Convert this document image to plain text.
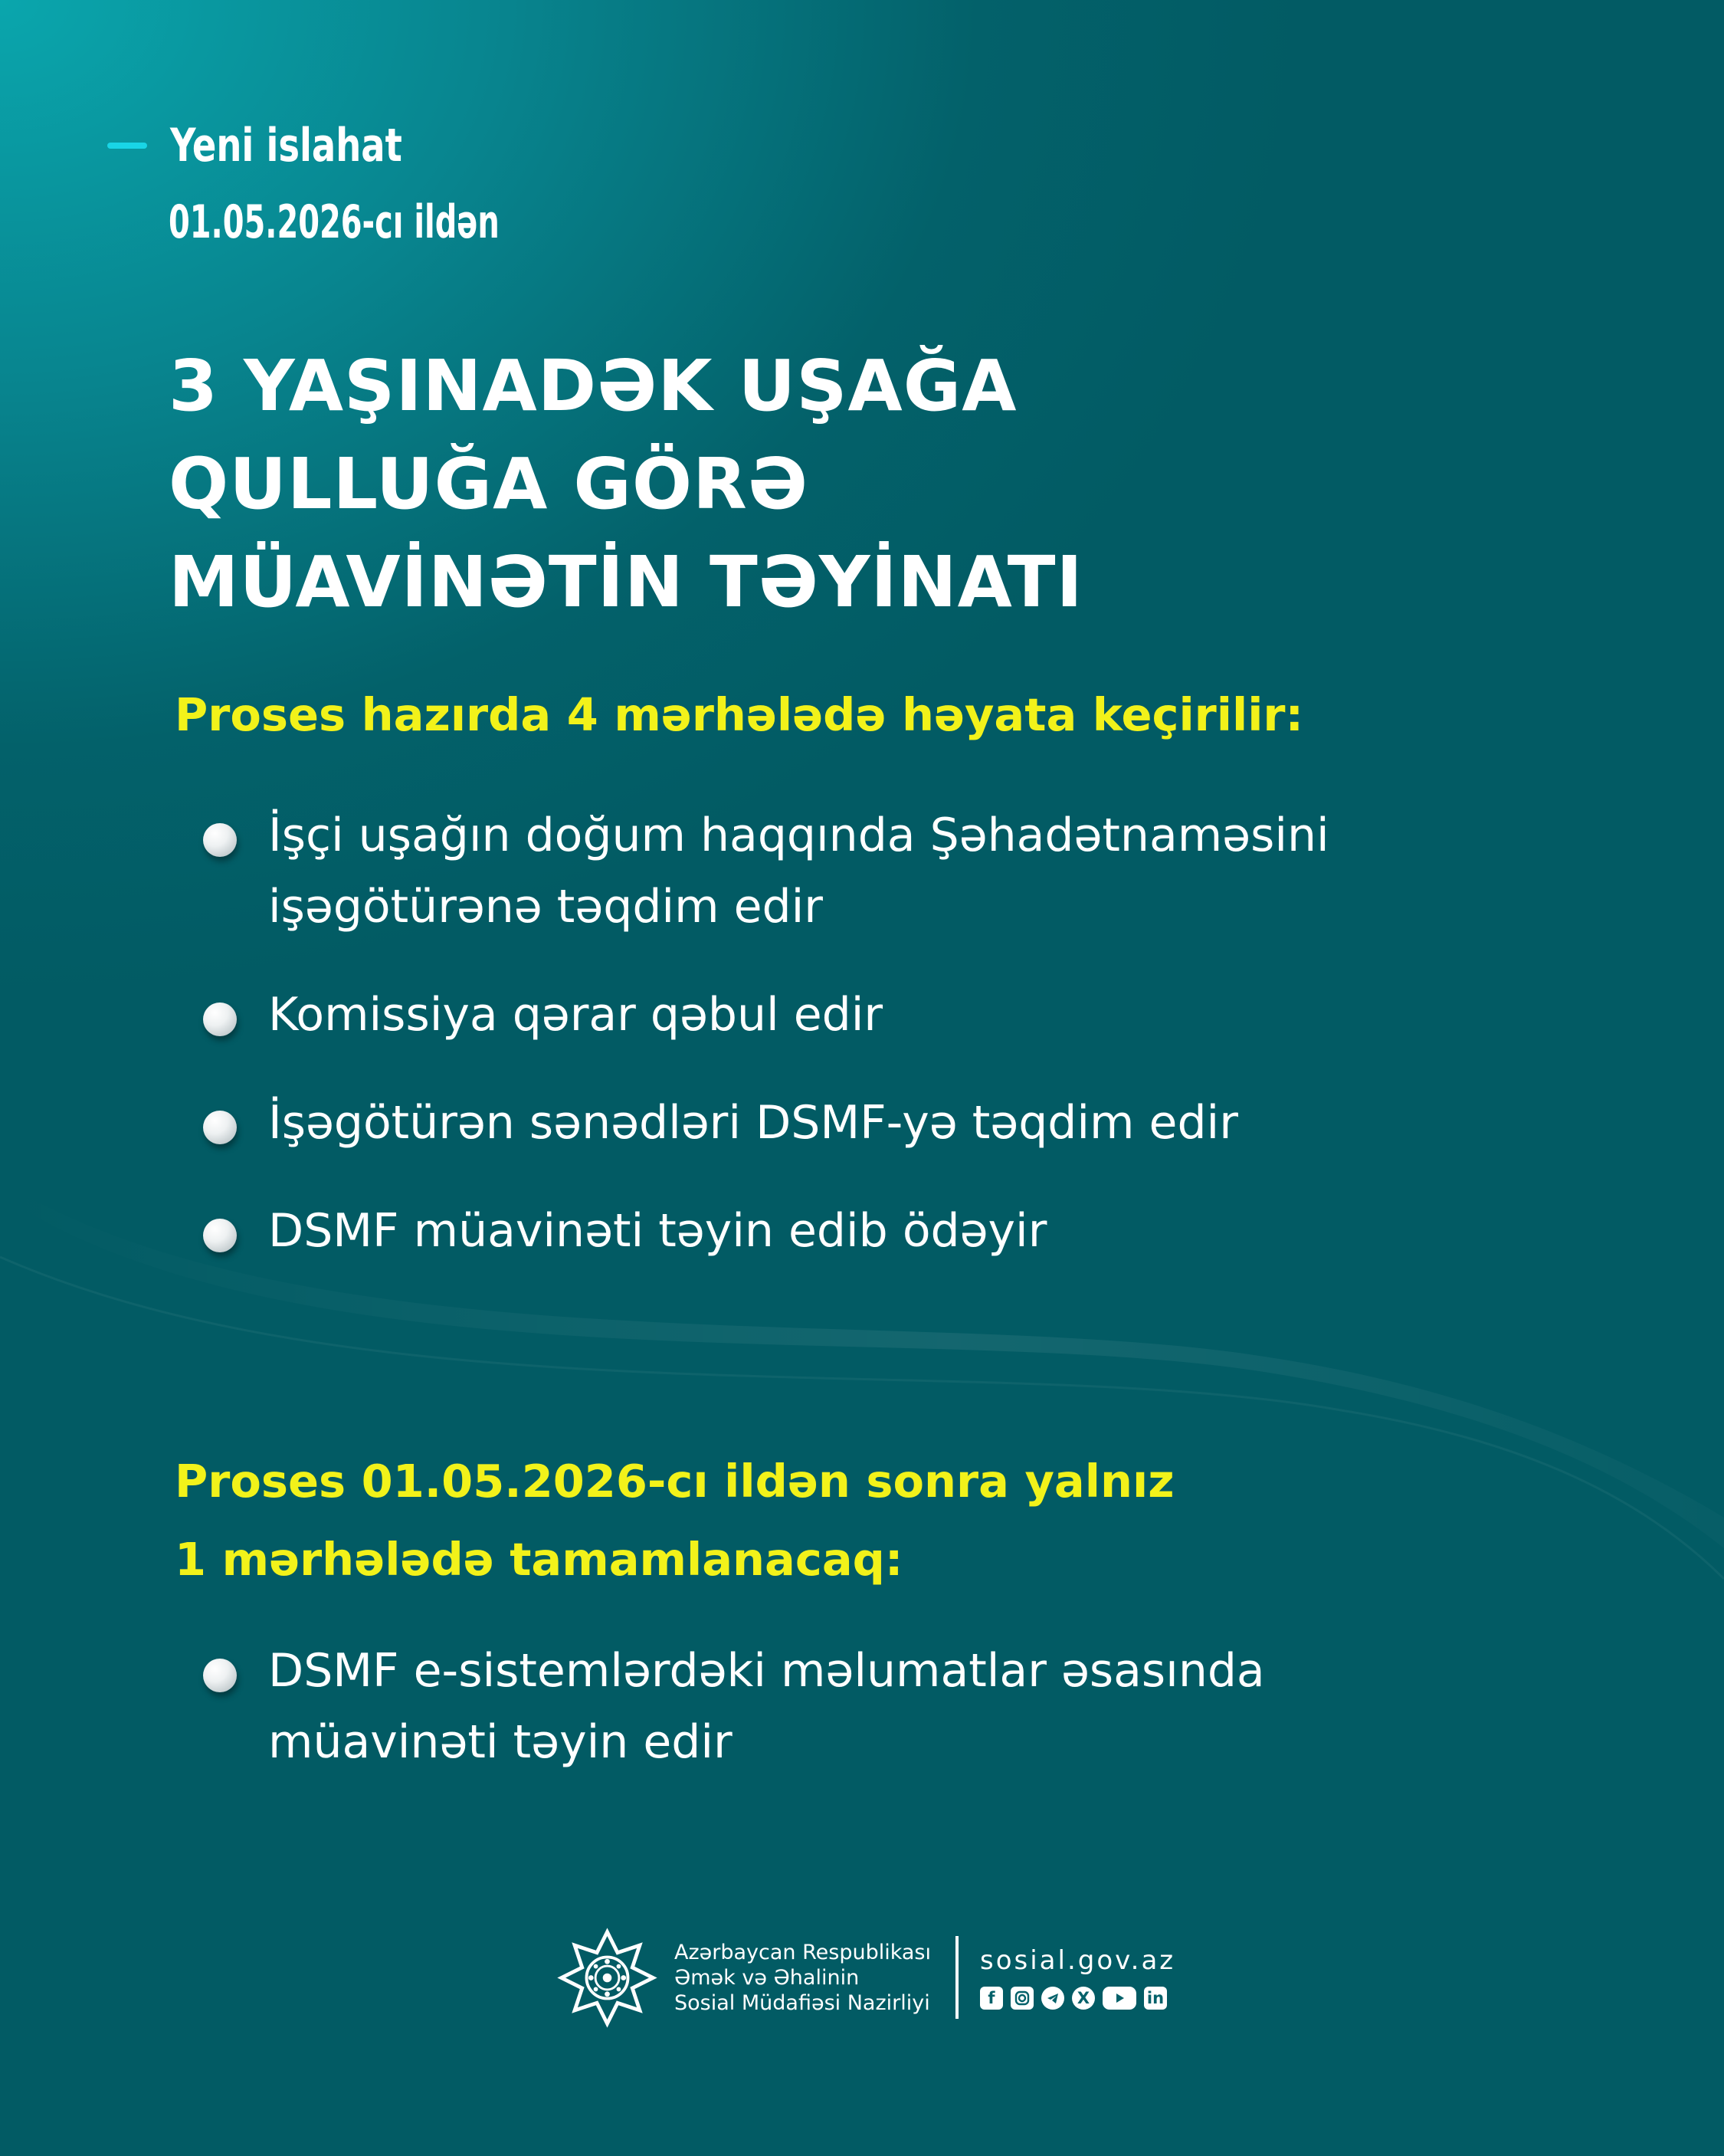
Yeni islahat
01.05.2026-cı ildən
3 YAŞINADƏK UŞAĞA
QULLUĞA GÖRƏ
MÜAVİNƏTİN TƏYİNATI
Proses hazırda 4 mərhələdə həyata keçirilir:
İşçi uşağın doğum haqqında Şəhadətnaməsini
işəgötürənə təqdim edir
Komissiya qərar qəbul edir
İşəgötürən sənədləri DSMF-yə təqdim edir
DSMF müavinəti təyin edib ödəyir
Proses 01.05.2026-cı ildən sonra yalnız
1 mərhələdə tamamlanacaq:
DSMF e-sistemlərdəki məlumatlar əsasında
müavinəti təyin edir
Azərbaycan Respublikası
Əmək və Əhalinin
Sosial Müdafiəsi Nazirliyi
sosial.gov.az
f	X	in
